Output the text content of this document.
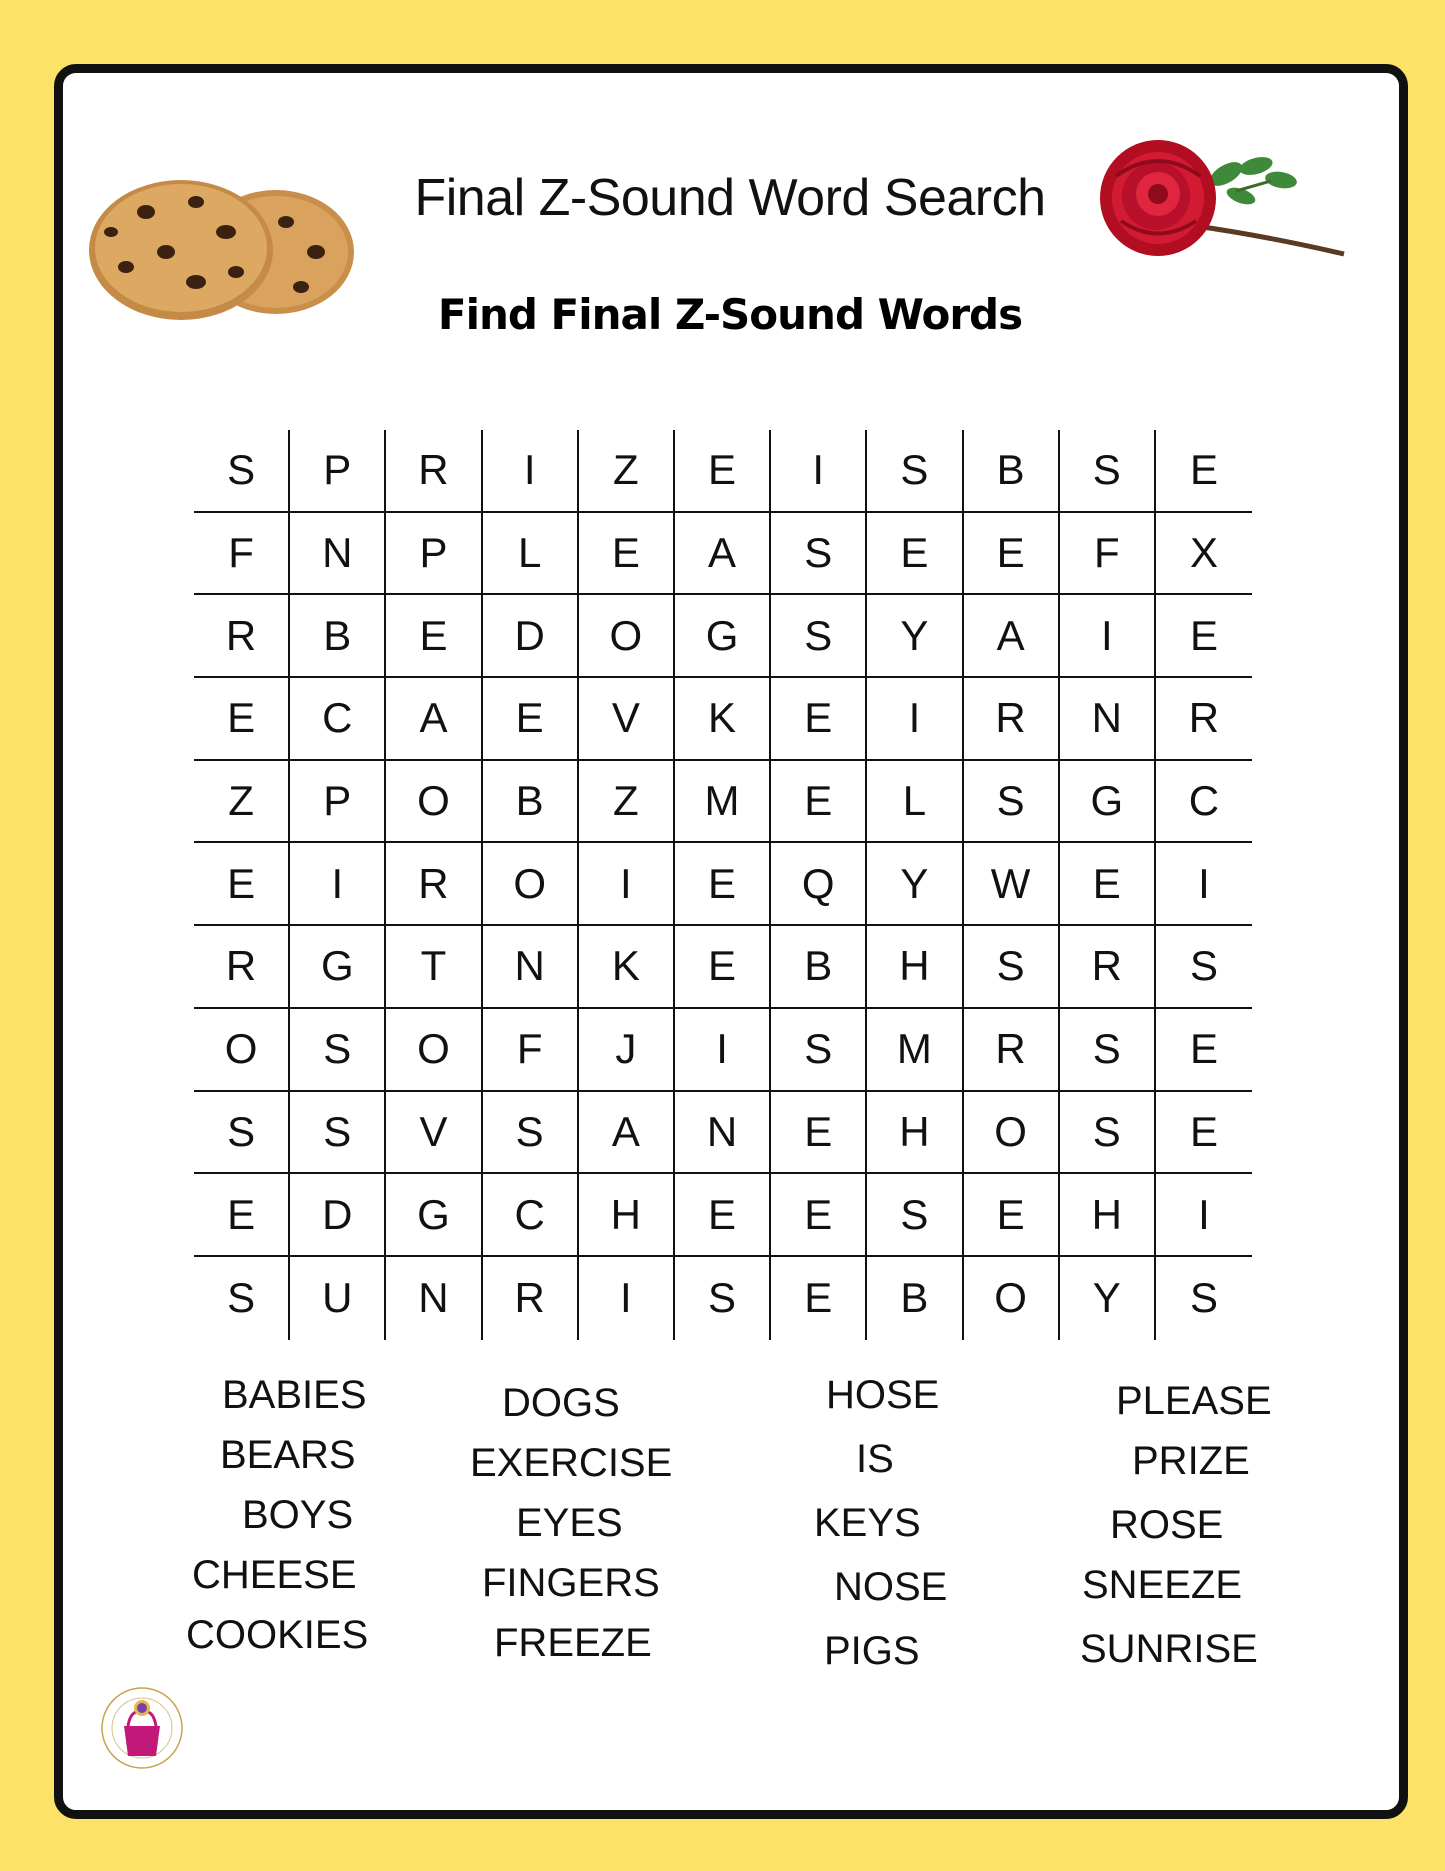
Final Z-Sound Word Search
Find Final Z-Sound Words
S	P	R	I	Z	E	I	S	B	S	E
F	N	P	L	E	A	S	E	E	F	X
R	B	E	D	O	G	S	Y	A	I	E
E	C	A	E	V	K	E	I	R	N	R
Z	P	O	B	Z	M	E	L	S	G	C
E	I	R	O	I	E	Q	Y	W	E	I
R	G	T	N	K	E	B	H	S	R	S
O	S	O	F	J	I	S	M	R	S	E
S	S	V	S	A	N	E	H	O	S	E
E	D	G	C	H	E	E	S	E	H	I
S	U	N	R	I	S	E	B	O	Y	S
BABIES
BEARS
BOYS
CHEESE
COOKIES
DOGS
EXERCISE
EYES
FINGERS
FREEZE
HOSE
IS
KEYS
NOSE
PIGS
PLEASE
PRIZE
ROSE
SNEEZE
SUNRISE
